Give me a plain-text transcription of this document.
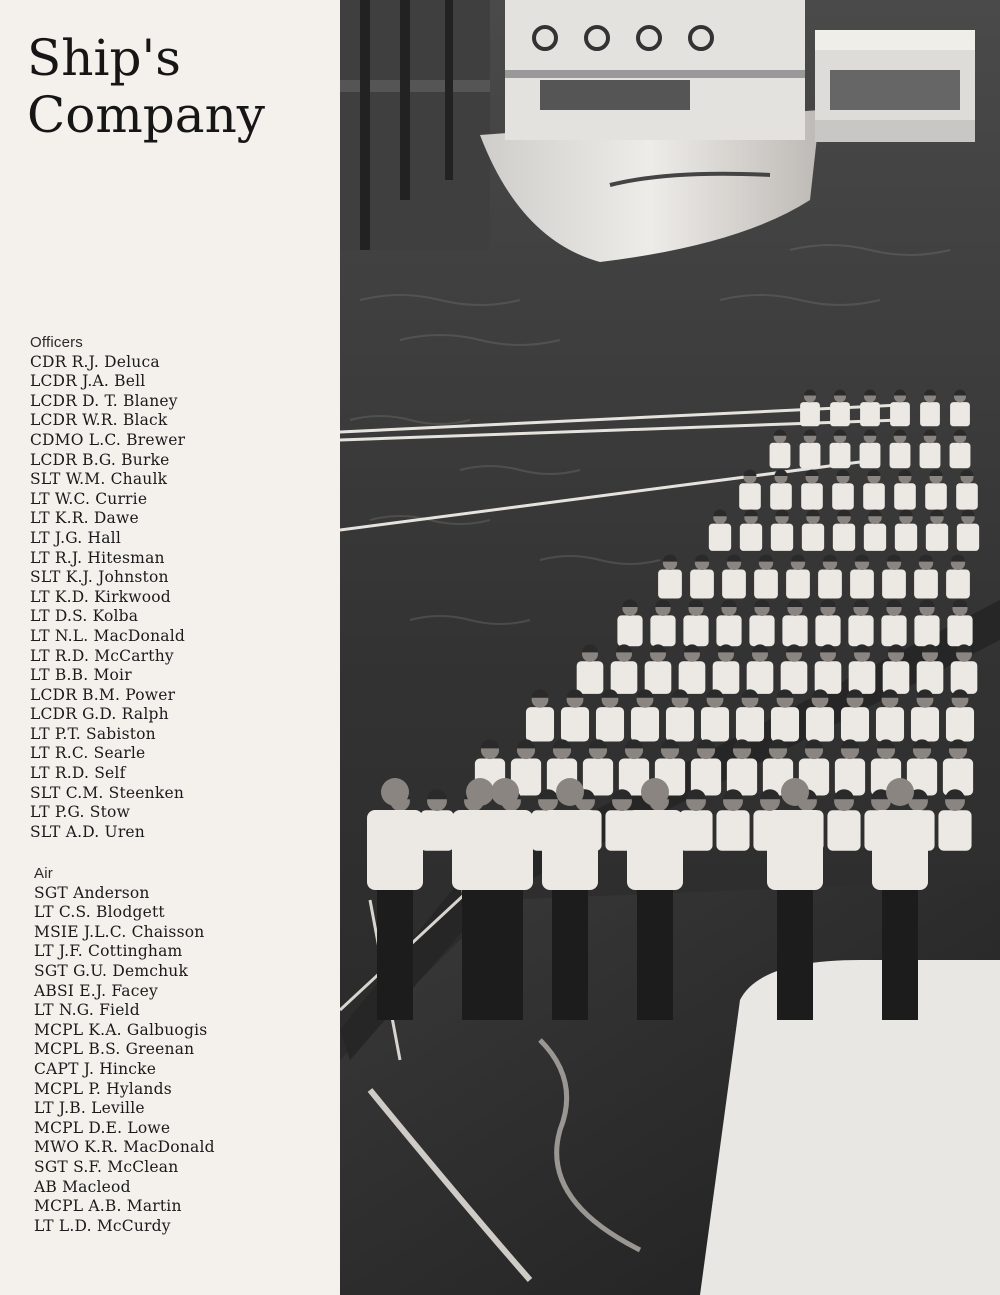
Ship's
Company
Officers
CDR R.J. Deluca
LCDR J.A. Bell
LCDR D. T. Blaney
LCDR W.R. Black
CDMO L.C. Brewer
LCDR B.G. Burke
SLT W.M. Chaulk
LT W.C. Currie
LT K.R. Dawe
LT J.G. Hall
LT R.J. Hitesman
SLT K.J. Johnston
LT K.D. Kirkwood
LT D.S. Kolba
LT N.L. MacDonald
LT R.D. McCarthy
LT B.B. Moir
LCDR B.M. Power
LCDR G.D. Ralph
LT P.T. Sabiston
LT R.C. Searle
LT R.D. Self
SLT C.M. Steenken
LT P.G. Stow
SLT A.D. Uren
Air
SGT Anderson
LT C.S. Blodgett
MSIE J.L.C. Chaisson
LT J.F. Cottingham
SGT G.U. Demchuk
ABSI E.J. Facey
LT N.G. Field
MCPL K.A. Galbuogis
MCPL B.S. Greenan
CAPT J. Hincke
MCPL P. Hylands
LT J.B. Leville
MCPL D.E. Lowe
MWO K.R. MacDonald
SGT S.F. McClean
AB Macleod
MCPL A.B. Martin
LT L.D. McCurdy
